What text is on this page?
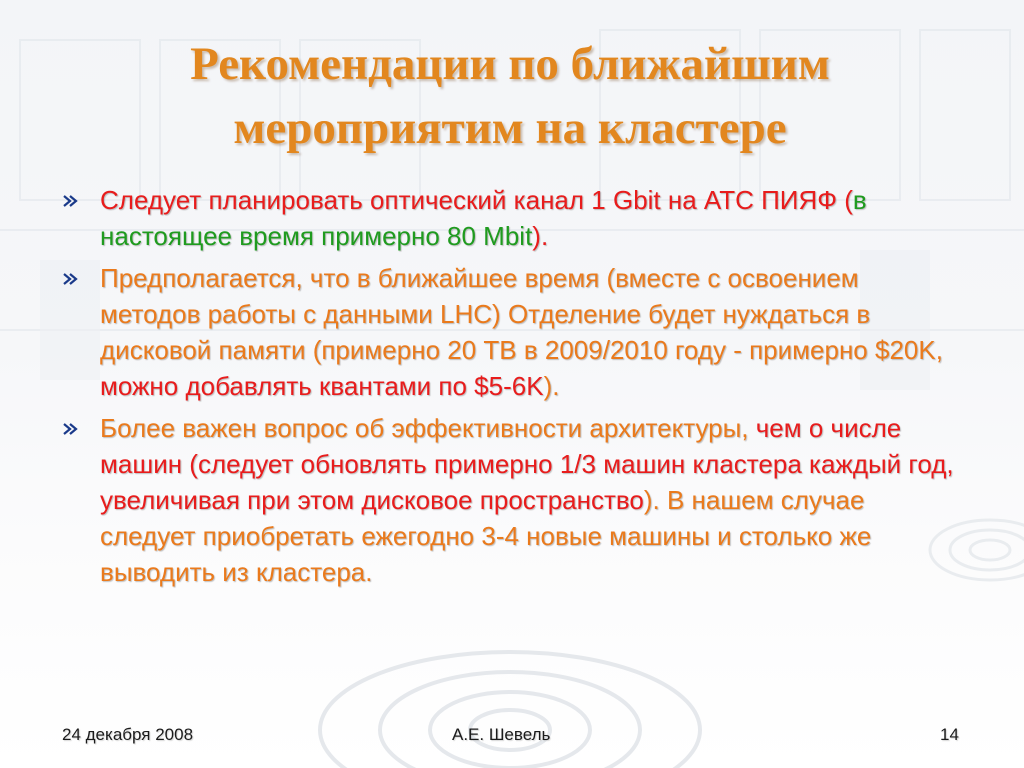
Рекомендации по ближайшим
мероприятим на кластере
Следует планировать оптический канал 1 Gbit на АТС ПИЯФ (в настоящее время примерно 80 Mbit).
Предполагается, что в ближайшее время (вместе с освоением методов работы с данными LHC) Отделение будет нуждаться в дисковой памяти (примерно 20 ТВ в 2009/2010 году - примерно $20K, можно добавлять квантами по $5-6K).
Более важен вопрос об эффективности архитектуры, чем о числе машин (следует обновлять примерно 1/3 машин кластера каждый год, увеличивая при этом дисковое пространство). В нашем случае следует приобретать ежегодно 3-4 новые машины и столько же выводить из кластера.
24 декабря 2008	А.Е. Шевель	14
